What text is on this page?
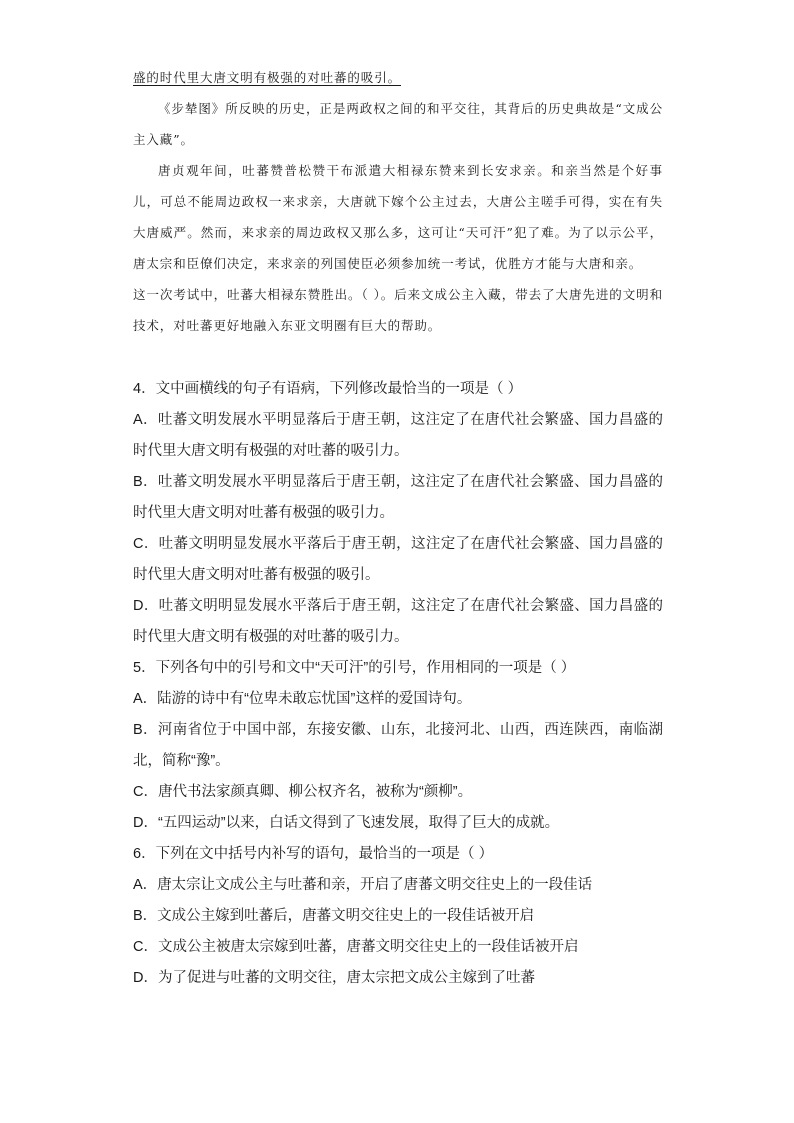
盛的时代里大唐文明有极强的对吐蕃的吸引。

《步辇图》所反映的历史，正是两政权之间的和平交往，其背后的历史典故是“文成公主入藏”。

唐贞观年间，吐蕃赞普松赞干布派遣大相禄东赞来到长安求亲。和亲当然是个好事儿，可总不能周边政权一来求亲，大唐就下嫁个公主过去，大唐公主嗟手可得，实在有失大唐威严。然而，来求亲的周边政权又那么多，这可让“天可汗”犯了难。为了以示公平，唐太宗和臣僚们决定，来求亲的列国使臣必须参加统一考试，优胜方才能与大唐和亲。

这一次考试中，吐蕃大相禄东赞胜出。（ ）。后来文成公主入藏，带去了大唐先进的文明和技术，对吐蕃更好地融入东亚文明圈有巨大的帮助。

4．文中画横线的句子有语病，下列修改最恰当的一项是（ ）

A．吐蕃文明发展水平明显落后于唐王朝，这注定了在唐代社会繁盛、国力昌盛的时代里大唐文明有极强的对吐蕃的吸引力。

B．吐蕃文明发展水平明显落后于唐王朝，这注定了在唐代社会繁盛、国力昌盛的时代里大唐文明对吐蕃有极强的吸引力。

C．吐蕃文明明显发展水平落后于唐王朝，这注定了在唐代社会繁盛、国力昌盛的时代里大唐文明对吐蕃有极强的吸引。

D．吐蕃文明明显发展水平落后于唐王朝，这注定了在唐代社会繁盛、国力昌盛的时代里大唐文明有极强的对吐蕃的吸引力。

5．下列各句中的引号和文中“天可汗”的引号，作用相同的一项是（ ）

A．陆游的诗中有“位卑未敢忘忧国”这样的爱国诗句。

B．河南省位于中国中部，东接安徽、山东，北接河北、山西，西连陕西，南临湖北，简称“豫”。

C．唐代书法家颜真卿、柳公权齐名，被称为“颜柳”。

D．“五四运动”以来，白话文得到了飞速发展，取得了巨大的成就。

6．下列在文中括号内补写的语句，最恰当的一项是（ ）

A．唐太宗让文成公主与吐蕃和亲，开启了唐蕃文明交往史上的一段佳话

B．文成公主嫁到吐蕃后，唐蕃文明交往史上的一段佳话被开启

C．文成公主被唐太宗嫁到吐蕃，唐蕃文明交往史上的一段佳话被开启

D．为了促进与吐蕃的文明交往，唐太宗把文成公主嫁到了吐蕃
